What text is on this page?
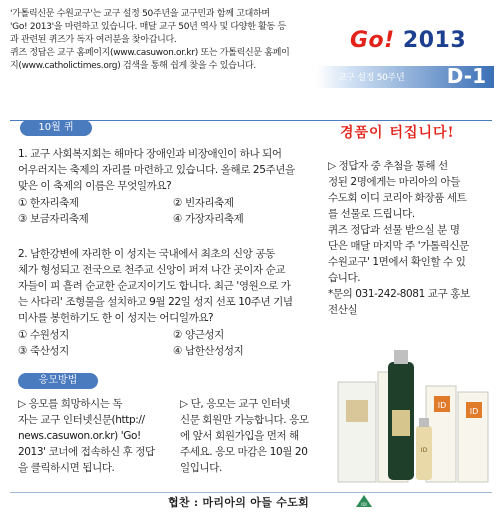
'가톨릭신문 수원교구'는 교구 설정 50주년을 교구민과 함께 고대하며

'Go! 2013'을 마련하고 있습니다. 매달 교구 50년 역사 및 다양한 활동 등

과 관련된 퀴즈가 독자 여러분을 찾아갑니다.

퀴즈 정답은 교구 홈페이지(www.casuwon.or.kr) 또는 가톨릭신문 홈페이

지(www.catholictimes.org) 검색을 통해 쉽게 찾을 수 있습니다.

Go! 2013
교구 설정 50주년 D-1
10월 퀴즈
1. 교구 사회복지회는 해마다 장애인과 비장애인이 하나 되어
어우러지는 축제의 자리를 마련하고 있습니다. 올해로 25주년을
맞은 이 축제의 이름은 무엇일까요?
① 한자리축제	② 빈자리축제
③ 보금자리축제	④ 가장자리축제
2. 남한강변에 자리한 이 성지는 국내에서 최초의 신앙 공동
체가 형성되고 전국으로 천주교 신앙이 퍼져 나간 곳이자 순교
자들이 피 흘려 순교한 순교지이기도 합니다. 최근 '영원으로 가
는 사다리' 조형물을 설치하고 9월 22일 성지 선포 10주년 기념
미사를 봉헌하기도 한 이 성지는 어디일까요?
① 수원성지	② 양근성지
③ 죽산성지	④ 남한산성성지
응모방법
▷ 응모를 희망하시는 독
자는 교구 인터넷신문(http://
news.casuwon.or.kr) 'Go!
2013' 코너에 접속하신 후 정답
을 클릭하시면 됩니다.
▷ 단, 응모는 교구 인터넷
신문 회원만 가능합니다. 응모
에 앞서 회원가입을 먼저 해
주세요. 응모 마감은 10월 20
일입니다.
경품이 터집니다!
▷ 정답자 중 추첨을 통해 선
정된 2명에게는 마리아의 아들
수도회 이디 코리아 화장품 세트
를 선물로 드립니다.
퀴즈 정답과 선물 받으실 분 명
단은 매달 마지막 주 '가톨릭신문
수원교구' 1면에서 확인할 수 있
습니다.
*문의 031-242-8081 교구 홍보
전산실
ID
ID
ID
협찬 : 마리아의 아들 수도회	IDI
